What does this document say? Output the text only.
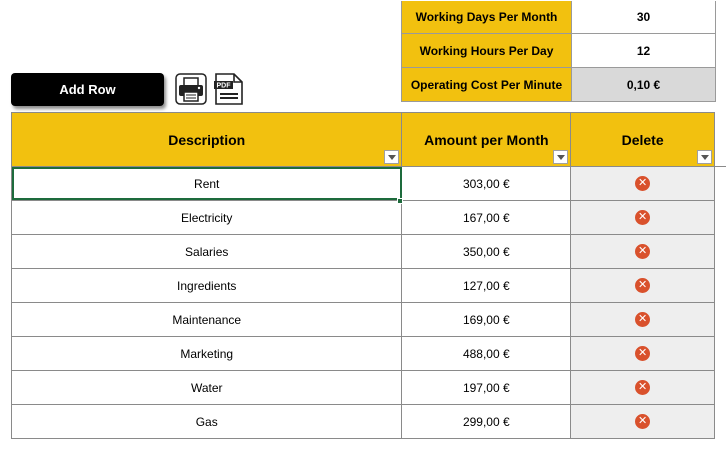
Working Days Per Month	30
Working Hours Per Day	12
Operating Cost Per Minute	0,10 €
Add Row	PDF
Description	Amount per Month	Delete
Rent	303,00 €	✕
Electricity	167,00 €	✕
Salaries	350,00 €	✕
Ingredients	127,00 €	✕
Maintenance	169,00 €	✕
Marketing	488,00 €	✕
Water	197,00 €	✕
Gas	299,00 €	✕
